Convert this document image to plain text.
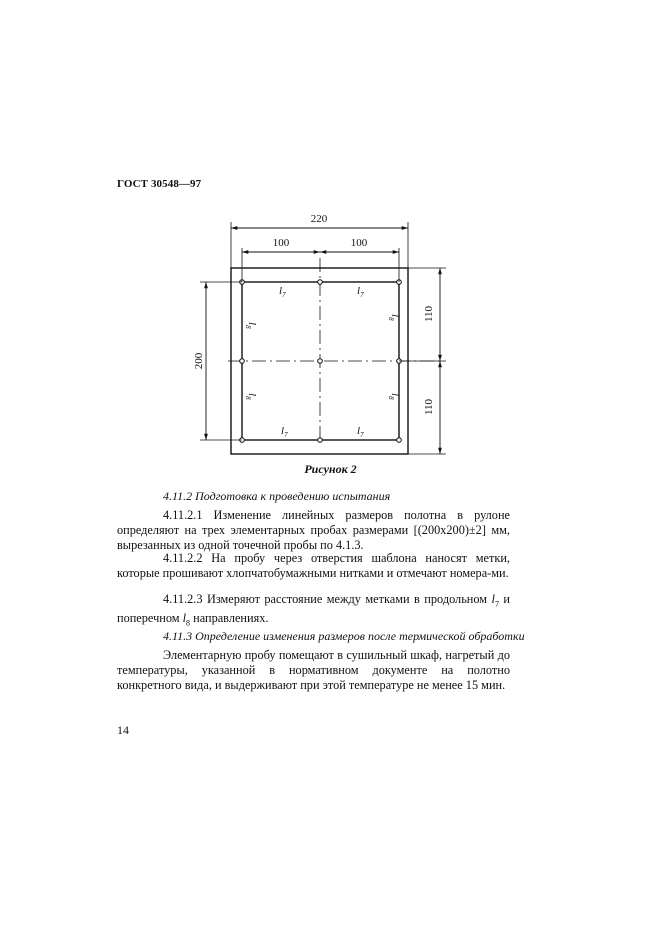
ГОСТ 30548—97
220
100	100
110
110
200
$l_7$	$l_7$
$l_7$	$l_7$
$l_8$
$l_8$
$l_8$
$l_8$
Рисунок 2
4.11.2 Подготовка к проведению испытания
4.11.2.1 Изменение линейных размеров полотна в рулоне определяют на трех элементарных пробах размерами [(200x200)±2] мм, вырезанных из одной точечной пробы по 4.1.3.
4.11.2.2 На пробу через отверстия шаблона наносят метки, которые прошивают хлопчатобумажными нитками и отмечают номера-ми.
4.11.2.3 Измеряют расстояние между метками в продольном $l_7$ и поперечном $l_8$ направлениях.
4.11.3 Определение изменения размеров после термической обработки
Элементарную пробу помещают в сушильный шкаф, нагретый до температуры, указанной в нормативном документе на полотно конкретного вида, и выдерживают при этой температуре не менее 15 мин.
14
